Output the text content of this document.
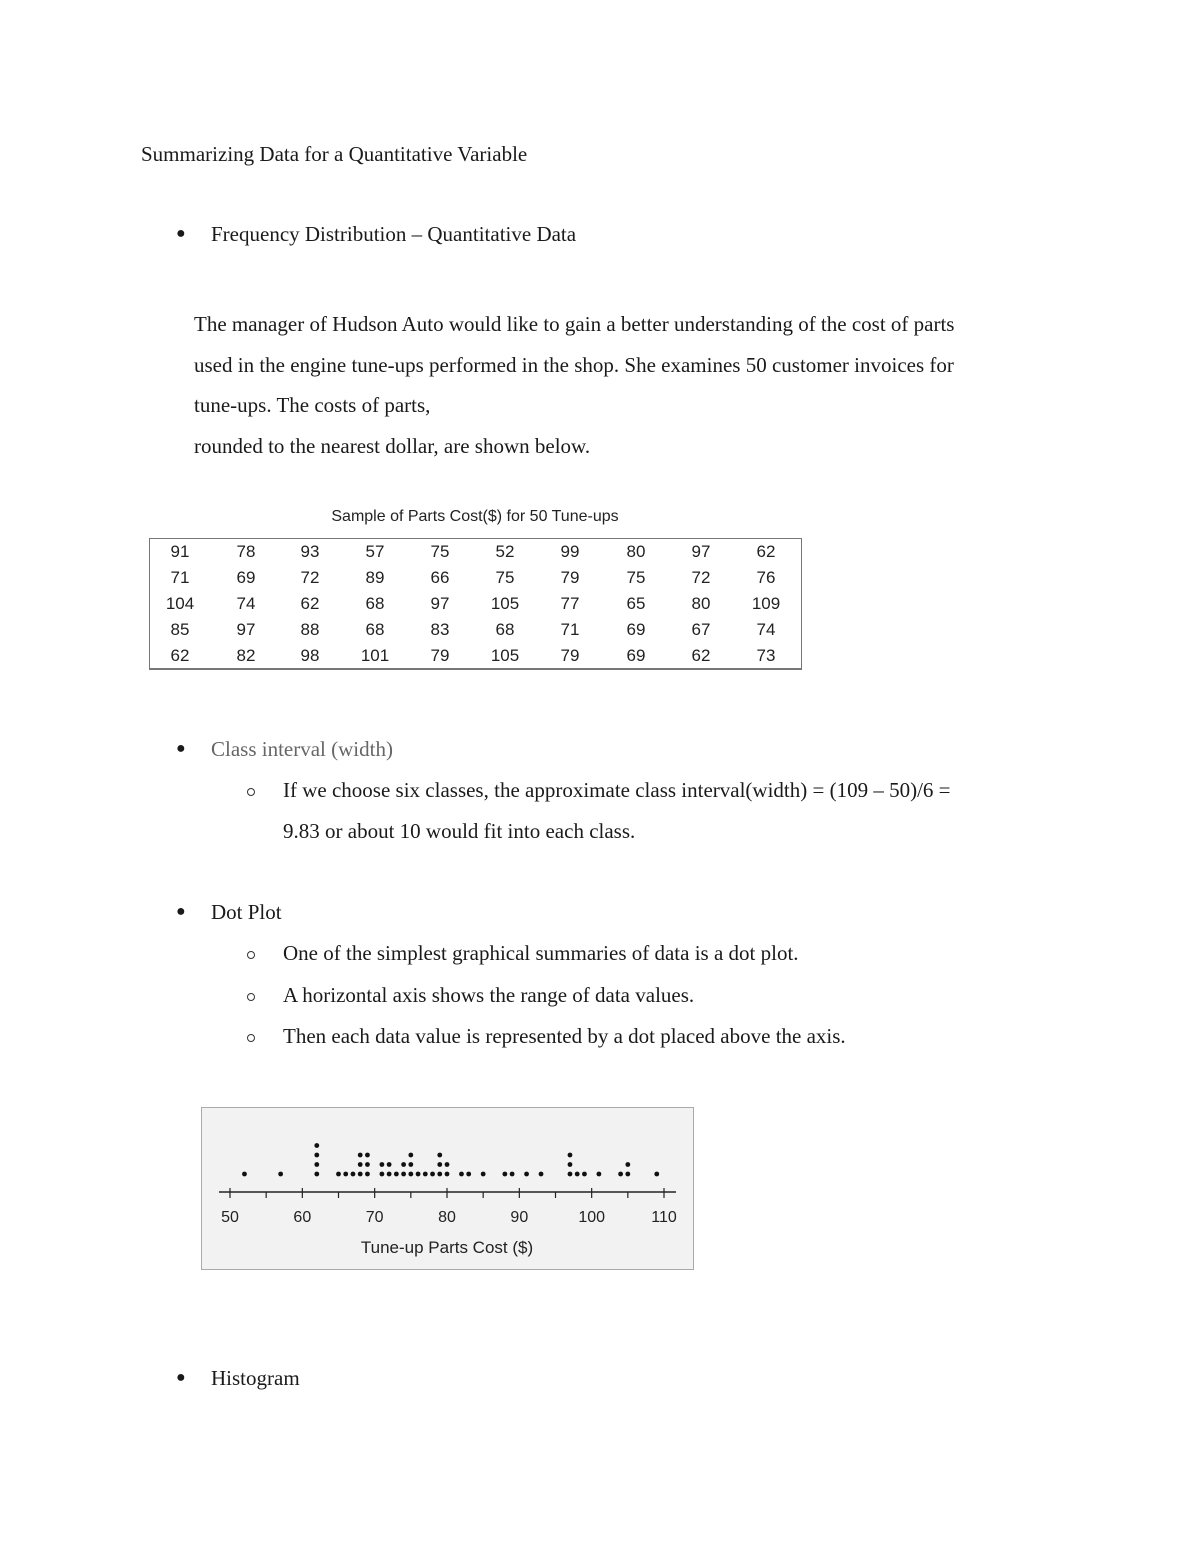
Summarizing Data for a Quantitative Variable
● Frequency Distribution – Quantitative Data

The manager of Hudson Auto would like to gain a better understanding of the cost of parts

used in the engine tune-ups performed in the shop. She examines 50 customer invoices for

tune-ups. The costs of parts,

rounded to the nearest dollar, are shown below.

Sample of Parts Cost($) for 50 Tune-ups
91	78	93	57	75	52	99	80	97	62
71	69	72	89	66	75	79	75	72	76
104	74	62	68	97	105	77	65	80	109
85	97	88	68	83	68	71	69	67	74
62	82	98	101	79	105	79	69	62	73
● Class interval (width)
If we choose six classes, the approximate class interval(width) = (109 – 50)/6 =
9.83 or about 10 would fit into each class.
● Dot Plot
One of the simplest graphical summaries of data is a dot plot.
A horizontal axis shows the range of data values.
Then each data value is represented by a dot placed above the axis.
50	60	70	80	90	100	110
Tune-up Parts Cost ($)
● Histogram
